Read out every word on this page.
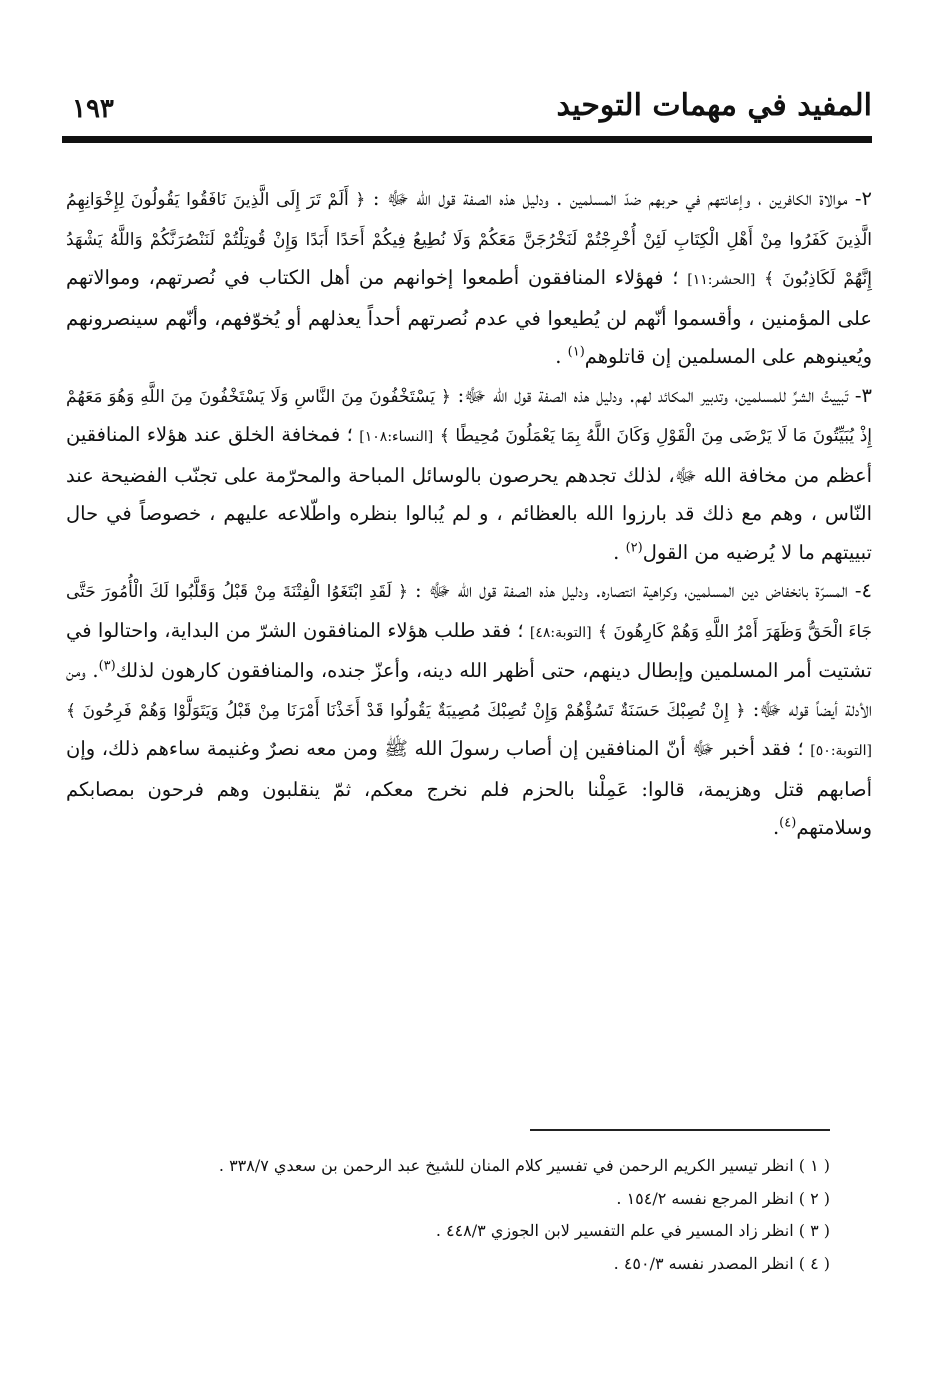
١٩٣	المفيد في مهمات التوحيد

٢- موالاة الكافرين ، وإعانتهم في حربهم ضدّ المسلمين . ودليل هذه الصفة قول الله ﷻ : ﴿ أَلَمْ تَرَ إِلَى الَّذِينَ نَافَقُوا يَقُولُونَ لِإِخْوَانِهِمُ الَّذِينَ كَفَرُوا مِنْ أَهْلِ الْكِتَابِ لَئِنْ أُخْرِجْتُمْ لَنَخْرُجَنَّ مَعَكُمْ وَلَا نُطِيعُ فِيكُمْ أَحَدًا أَبَدًا وَإِنْ قُوتِلْتُمْ لَنَنْصُرَنَّكُمْ وَاللَّهُ يَشْهَدُ إِنَّهُمْ لَكَاذِبُونَ ﴾ [الحشر:١١] ؛ فهؤلاء المنافقون أطمعوا إخوانهم من أهل الكتاب في نُصرتهم، وموالاتهم على المؤمنين ، وأقسموا أنّهم لن يُطيعوا في عدم نُصرتهم أحداً يعذلهم أو يُخوّفهم، وأنّهم سينصرونهم ويُعينوهم على المسلمين إن قاتلوهم$^{(١)}$ .

٣- تَبييتُ الشرِّ للمسلمين، وتدبير المكائد لهم. ودليل هذه الصفة قول الله ﷻ: ﴿ يَسْتَخْفُونَ مِنَ النَّاسِ وَلَا يَسْتَخْفُونَ مِنَ اللَّهِ وَهُوَ مَعَهُمْ إِذْ يُبَيِّتُونَ مَا لَا يَرْضَى مِنَ الْقَوْلِ وَكَانَ اللَّهُ بِمَا يَعْمَلُونَ مُحِيطًا ﴾ [النساء:١٠٨] ؛ فمخافة الخلق عند هؤلاء المنافقين أعظم من مخافة الله ﷻ، لذلك تجدهم يحرصون بالوسائل المباحة والمحرّمة على تجنّب الفضيحة عند النّاس ، وهم مع ذلك قد بارزوا الله بالعظائم ، و لم يُبالوا بنظره واطّلاعه عليهم ، خصوصاً في حال تبييتهم ما لا يُرضيه من القول$^{(٢)}$ .

٤- المسرّة بانخفاض دين المسلمين، وكراهية انتصاره. ودليل هذه الصفة قول الله ﷻ : ﴿ لَقَدِ ابْتَغَوُا الْفِتْنَةَ مِنْ قَبْلُ وَقَلَّبُوا لَكَ الْأُمُورَ حَتَّى جَاءَ الْحَقُّ وَظَهَرَ أَمْرُ اللَّهِ وَهُمْ كَارِهُونَ ﴾ [التوبة:٤٨] ؛ فقد طلب هؤلاء المنافقون الشرّ من البداية، واحتالوا في تشتيت أمر المسلمين وإبطال دينهم، حتى أظهر الله دينه، وأعزّ جنده، والمنافقون كارهون لذلك$^{(٣)}$. ومن الأدلة أيضاً قوله ﷻ: ﴿ إِنْ تُصِبْكَ حَسَنَةٌ تَسُؤْهُمْ وَإِنْ تُصِبْكَ مُصِيبَةٌ يَقُولُوا قَدْ أَخَذْنَا أَمْرَنَا مِنْ قَبْلُ وَيَتَوَلَّوْا وَهُمْ فَرِحُونَ ﴾ [التوبة:٥٠] ؛ فقد أخبر ﷻ أنّ المنافقين إن أصاب رسولَ الله ﷺ ومن معه نصرٌ وغنيمة ساءهم ذلك، وإن أصابهم قتل وهزيمة، قالوا: عَمِلْنا بالحزم فلم نخرج معكم، ثمّ ينقلبون وهم فرحون بمصابكم وسلامتهم$^{(٤)}$.

( ١ ) انظر تيسير الكريم الرحمن في تفسير كلام المنان للشيخ عبد الرحمن بن سعدي ٣٣٨/٧ .
( ٢ ) انظر المرجع نفسه ١٥٤/٢ .
( ٣ ) انظر زاد المسير في علم التفسير لابن الجوزي ٤٤٨/٣ .
( ٤ ) انظر المصدر نفسه ٤٥٠/٣ .
